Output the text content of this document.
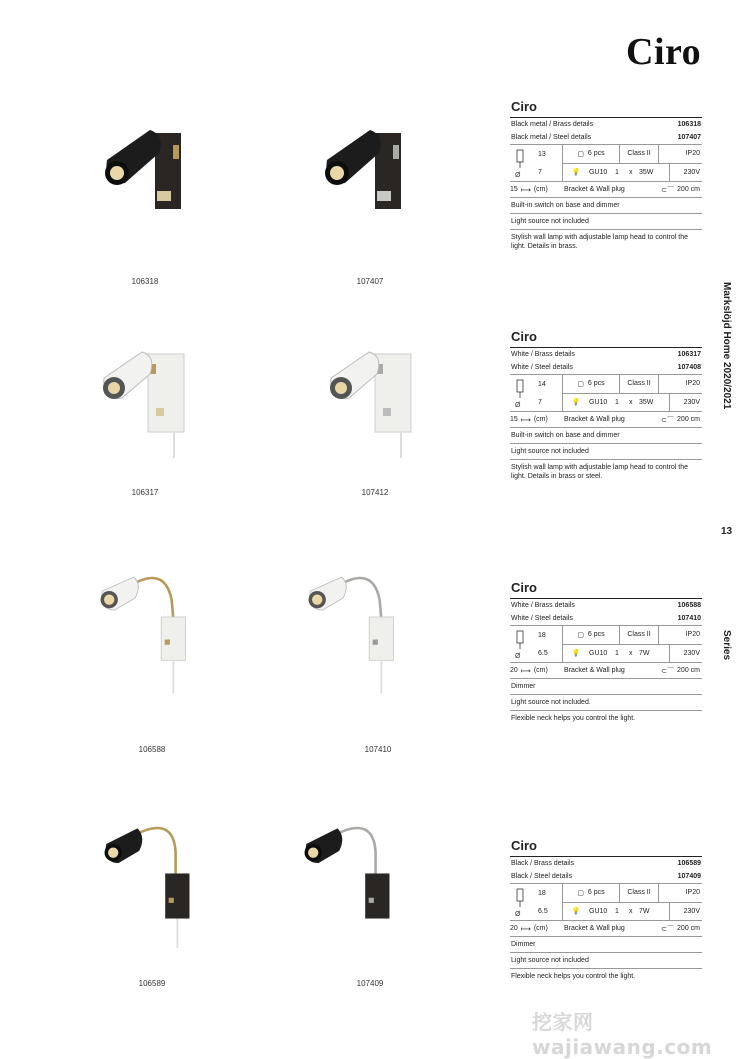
Ciro
Markslöjd Home 2020/2021
13
Series
106318	107407
106317	107412
106588	107410
106589	107409
Ciro
Black metal / Brass details	106318
Black metal / Steel details	107407
Ø
13
7
▢ 6 pcs	Class II	IP20
💡	GU10	1	x 35W	230V
15 ⟼ (cm) Bracket & Wall plug	⊂⌒ 200 cm
Built-in switch on base and dimmer
Light source not included
Stylish wall lamp with adjustable lamp head to control the light. Details in brass.
Ciro
White / Brass details	106317
White / Steel details	107408
Ø
14
7
▢ 6 pcs	Class II	IP20
💡	GU10	1	x 35W	230V
15 ⟼ (cm) Bracket & Wall plug	⊂⌒ 200 cm
Built-in switch on base and dimmer
Light source not included
Stylish wall lamp with adjustable lamp head to control the light. Details in brass or steel.
Ciro
White / Brass details	106588
White / Steel details	107410
Ø
18
6.5
▢ 6 pcs	Class II	IP20
💡	GU10	1	x 7W	230V
20 ⟼ (cm) Bracket & Wall plug	⊂⌒ 200 cm
Dimmer
Light source not included.
Flexible neck helps you control the light.
Ciro
Black / Brass details	106589
Black / Steel details	107409
Ø
18
6.5
▢ 6 pcs	Class II	IP20
💡	GU10	1	x 7W	230V
20 ⟼ (cm) Bracket & Wall plug	⊂⌒ 200 cm
Dimmer
Light source not included
Flexible neck helps you control the light.
挖家网 wajiawang.com
